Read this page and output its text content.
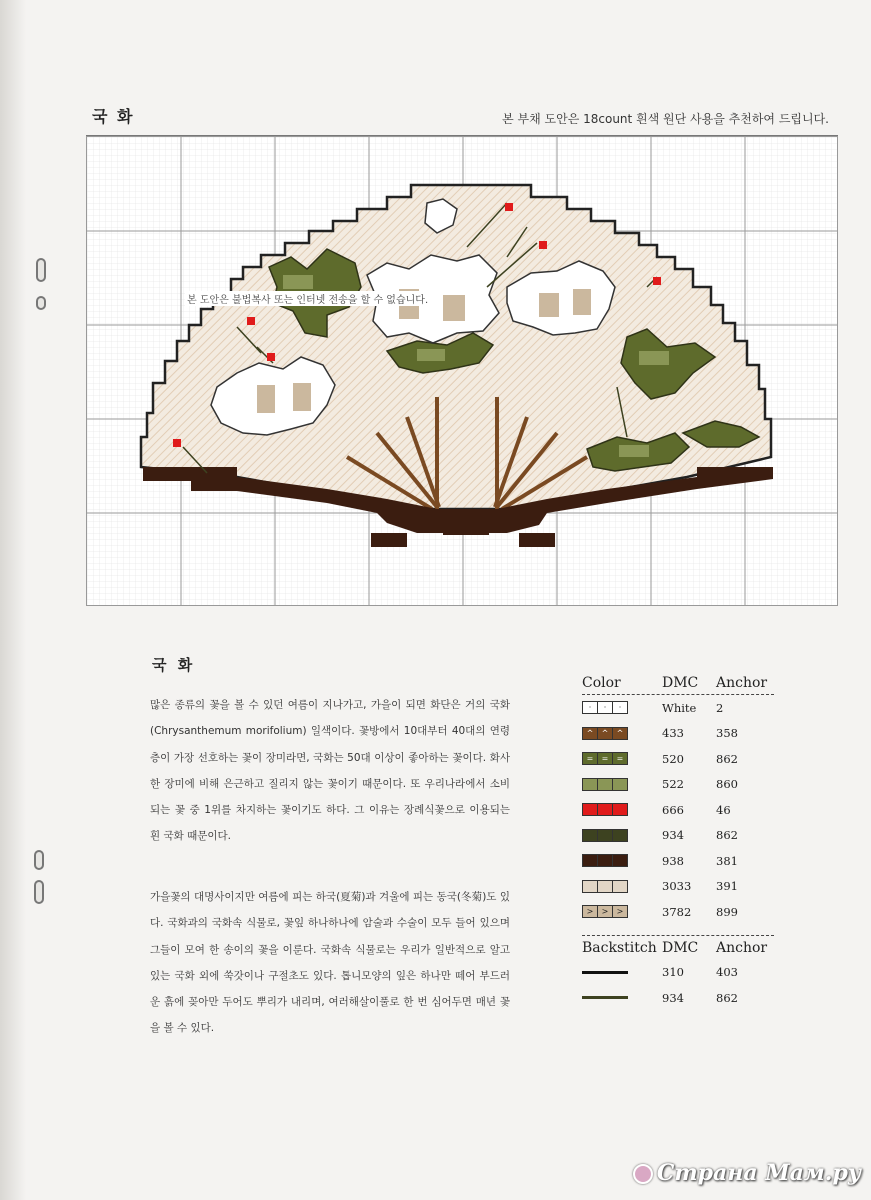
국 화	본 부채 도안은 18count 흰색 원단 사용을 추천하여 드립니다.
본 도안은 불법복사 또는 인터넷 전송을 할 수 없습니다.
국 화
많은 종류의 꽃을 볼 수 있던 여름이 지나가고, 가을이 되면 화단은 거의 국화(Chrysanthemum morifolium) 일색이다. 꽃방에서 10대부터 40대의 연령층이 가장 선호하는 꽃이 장미라면, 국화는 50대 이상이 좋아하는 꽃이다. 화사한 장미에 비해 은근하고 질리지 않는 꽃이기 때문이다. 또 우리나라에서 소비되는 꽃 중 1위를 차지하는 꽃이기도 하다. 그 이유는 장례식꽃으로 이용되는 흰 국화 때문이다.
가을꽃의 대명사이지만 여름에 피는 하국(夏菊)과 겨울에 피는 동국(冬菊)도 있다. 국화과의 국화속 식물로, 꽃잎 하나하나에 암술과 수술이 모두 들어 있으며 그들이 모여 한 송이의 꽃을 이룬다. 국화속 식물로는 우리가 일반적으로 알고 있는 국화 외에 쑥갓이나 구절초도 있다. 톱니모양의 잎은 하나만 떼어 부드러운 흙에 꽂아만 두어도 뿌리가 내리며, 여러해살이풀로 한 번 심어두면 매년 꽃을 볼 수 있다.
Color	DMC	Anchor
·	·	·	White	2
^	^	^	433	358
=	=	=	520	862
522	860
666	46
934	862
938	381
3033	391
>	>	>	3782	899
Backstitch DMC	Anchor
310	403
934	862
Страна Мам.ру
